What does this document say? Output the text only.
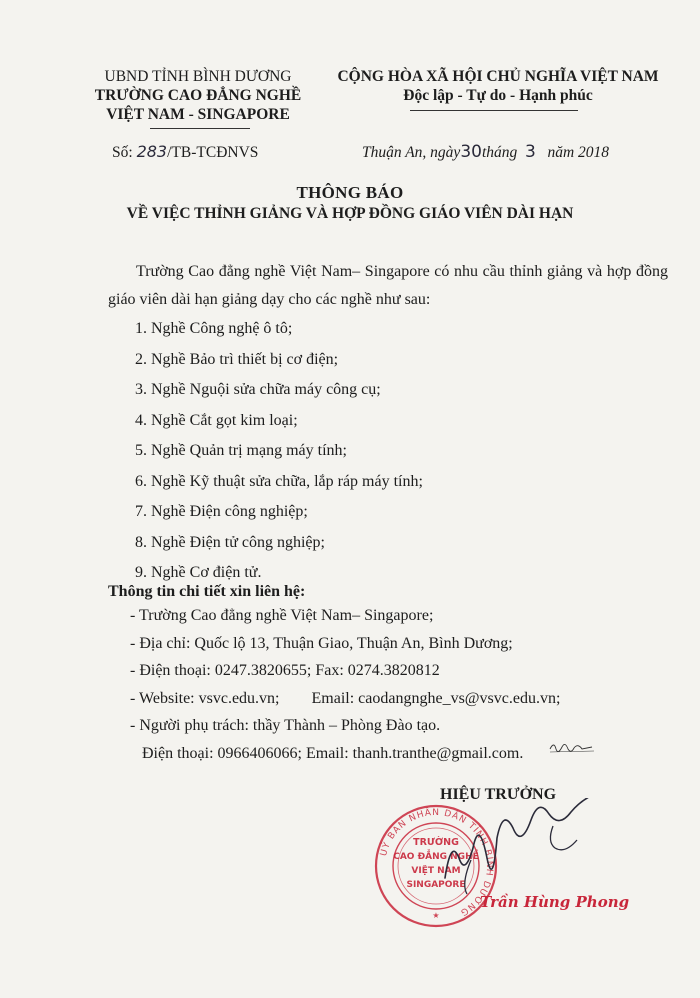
UBND TỈNH BÌNH DƯƠNG
TRƯỜNG CAO ĐẲNG NGHỀ
VIỆT NAM - SINGAPORE
CỘNG HÒA XÃ HỘI CHỦ NGHĨA VIỆT NAM
Độc lập - Tự do - Hạnh phúc
Số: 283/TB-TCĐNVS	Thuận An, ngày30tháng 3 năm 2018
THÔNG BÁO
VỀ VIỆC THỈNH GIẢNG VÀ HỢP ĐỒNG GIÁO VIÊN DÀI HẠN
Trường Cao đẳng nghề Việt Nam– Singapore có nhu cầu thỉnh giảng và hợp đồng giáo viên dài hạn giảng dạy cho các nghề như sau:
1. Nghề Công nghệ ô tô;
2. Nghề Bảo trì thiết bị cơ điện;
3. Nghề Nguội sửa chữa máy công cụ;
4. Nghề Cắt gọt kim loại;
5. Nghề Quản trị mạng máy tính;
6. Nghề Kỹ thuật sửa chữa, lắp ráp máy tính;
7. Nghề Điện công nghiệp;
8. Nghề Điện tử công nghiệp;
9. Nghề Cơ điện tử.
Thông tin chi tiết xin liên hệ:
- Trường Cao đẳng nghề Việt Nam– Singapore;
- Địa chỉ: Quốc lộ 13, Thuận Giao, Thuận An, Bình Dương;
- Điện thoại: 0247.3820655; Fax: 0274.3820812
- Website: vsvc.edu.vn; Email: caodangnghe_vs@vsvc.edu.vn;
- Người phụ trách: thầy Thành – Phòng Đào tạo.
Điện thoại: 0966406066; Email: thanh.tranthe@gmail.com.
HIỆU TRƯỞNG
UỶ BAN NHÂN DÂN TỈNH BÌNH DƯƠNG
TRƯỜNG
CAO ĐẲNG NGHỀ
VIỆT NAM
SINGAPORE
★
Trần Hùng Phong
